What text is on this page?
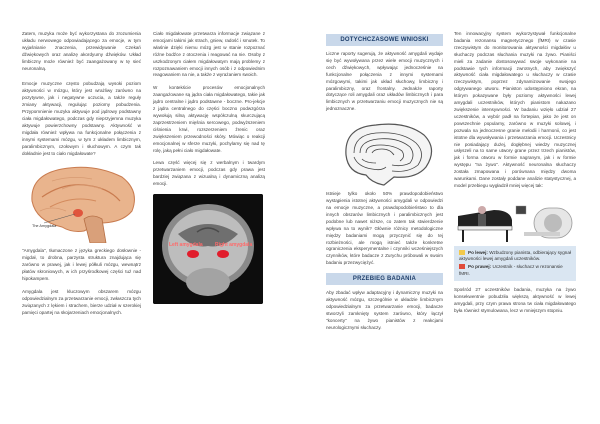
Zatem, muzyka może być wykorzystana do zrozumienia układu nerwowego odpowiadającego za emocje, w tym wyjaśnianie znaczenia, przewidywanie Czekań dźwiękowych oraz analizę akordyumy dźwięków. Układ limbiczny może również być zaangażowany w tę sieć neuronalną.

Emocje muzyczne często pobudzają wysoki poziom aktywności w mózgu, który jest wrażliwy zarówno na pozytywne, jak i negatywne uczucia, a także reguły zmiany aktywacji, regulując poziomy pobudzenia. Przypomnienie muzyka aktywuje pod jądrowy podstawny ciała migdałowatego, podczas gdy nieprzyjemna muzyka aktywuje powierzchowny podstawny. Aktywność w migdała również wpływa na funkcjonalne połączenia z innymi systemami mózgu, w tym z układem limbicznym, paralimbicznym, czołowym i słuchowym. A czym tak dokładnie jest to ciało migdałowate?

The Amygdala

"Amygdala", tłumaczone z języka greckiego dosłownie - migdał, to drobna, parzysta struktura znajdująca się zarówno w prawej, jak i lewej półkuli mózgu, wewnątrz płatów skroniowych, w ich przyśrodkowej części tuż nad hipokampem.

Amygdala jest kluczowym obszarem mózgu odpowiedzialnym za przetwarzanie emocji, zwłaszcza tych związanych z lękiem i strachem, bierze udział w szerokiej pamięci opartej na skojarzeniach emocjonalnych.

Ciało migdałowate przetwarza informacje związane z emocjami takimi jak strach, gniew, radość i smutek. To właśnie dzięki niemu mózg jest w stanie rozpoznać różne bodźce z otoczenia i reagować na nie. Osoby z uszkodzonym ciałem migdałowatym mają problemy z rozpoznawaniem emocji innych osób i z odpowiednim reagowaniem na nie, a także z wyrażaniem swoich.

W kontekście procesów emocjonalnych zaangażowane są jądra ciała migdałowatego, takie jak jądro centralne i jądro podstawne - boczne. Pro-jekcje z jądra centralnego do części boczno podwzgórza wywołują silną aktywację współczulną skurczującą zaprzestrzeniem mięśnia sercowego, podwyższeniem ciśnienia krwi, rozszerzeniem źrenic oraz zwiększeniem przewodności skóry. Mówiąc o reakcji emocjonalnej w sferze muzyki, pochylamy się nad tę rolę, jaką pełni ciało migdałowate.

Lewa część więcej się z werbalnym i twardym przetwarzaniem emocji, podczas gdy prawa jest bardziej związana z wizualną i dynamiczną analizą emocji.

Left amygdala Right amygdala
DOTYCHCZASOWE WNIOSKI

Liczne raporty sugerują, że aktywność amygdali wydaje się być wywoływana przez wiele emocji muzycznych i cech dźwiękowych, wpływając jednocześnie na funkcjonalne połączenia z innymi systemami mózgowymi, takimi jak układ słuchowy, limbiczny i paralimbiczny, oraz frontalny. Jednakże raporty dotyczące roli amygdali oraz układów limbicznych i para limbicznych w przetwarzaniu emocji muzycznych nie są jednoznaczne.

Istnieje tylko około 50% prawdopodobieństwo wystąpienia istotnej aktywności amygdali w odpowiedzi na emocje muzyczne, a prawdopodobieństwo to dla innych obszarów limbicznych i paralimbicznych jest podobne lub nawet niższe, co zatem tak stwierdzenie wpływa na to wynik? Głównie różnicy metodologiczne między badaniami mogą przyczynić się do tej rozbieżności, ale mogą istnieć także konkretne ograniczenia eksperymentalne i czynniki wcześniejszych czynników, które badacze z Zurychu próbowali w swoim badaniu przezwyciężyć.

PRZEBIEG BADANIA

Aby zbadać wpływ adaptacyjny i dynamiczny muzyki na aktywność mózgu, szczególnie w układzie limbicznym odpowiedzialnym za przetwarzanie emocji, badacze stworzyli zamknięty system zarówno, który łączył "koncerty" na żywo pianistów z reakcjami neurologicznymi słuchaczy.

Ten innowacyjny system wykorzystywał funkcjonalne badania rezonansu magnetycznego (fMRI) w czasie rzeczywistym do monitorowania aktywności migdałów u słuchaczy podczas słuchania muzyki na żywo. Pianiści mieli za zadanie dostosowywać swoje wykonanie na podstawie tych informacji zwrotnych, aby zwiększyć aktywność ciała migdałowatego u słuchaczy w czasie rzeczywistym, poprzez zdynamizowanie swojego odgrywanego utworu. Pianiston udostępniono ekran, na którym pokazywane były poziomy aktywności lewej amygdali uczestników, których pianistom nakazano zwiększenie intensywności. W badaniu wzięło udział 27 uczestników, a wybór padł na fortepian, jako że jest on powszechnie popularny, zarówno w muzyki solowej, i pozwala na jednoczesne granie melodii i harmonii, co jest istotne dla wywoływania i przetwarzania emocji. Uczestnicy nie posiadający dużej, dogłębnej wiedzy muzycznej usłyszeli na to same utwory grane przez trzech pianistów, jak i forma otworu w formie nagranym, jak i w formie występu "na żywo". Aktywność neuronalna słuchaczy została zmapowana i porównana między dwoma warunkami. Dane zostały poddane analizie statystycznej, a model przebiegu wygładził mniej więcej tak:

Po lewej: Wzbudzony pianista, odbierający sygnał aktywności lewej amygdali uczestników.
Po prawej: Uczestnik - słuchacz w rezonansie fMRI.

Spośród 27 uczestników badania, muzyka na żywo konsekwentnie pobudziła większą aktywność w lewej amygdali, przy czym prawa strona tw ciała migdałowatego była również stymulowana, lecz w mniejszym stopniu.
